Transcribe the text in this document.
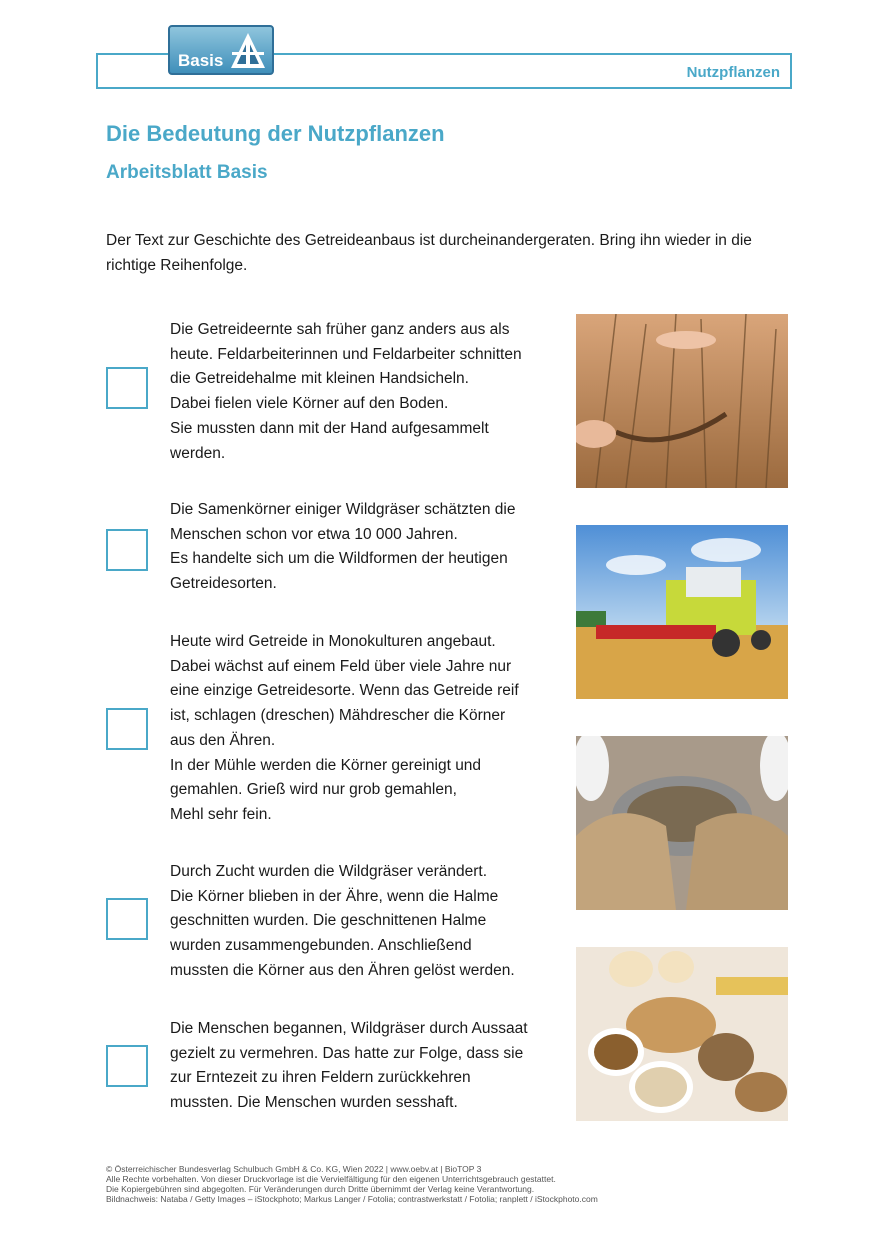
Nutzpflanzen
Basis
Die Bedeutung der Nutzpflanzen
Arbeitsblatt Basis

Der Text zur Geschichte des Getreideanbaus ist durcheinandergeraten. Bring ihn wieder in die richtige Reihenfolge.

Die Getreideernte sah früher ganz anders aus als
heute. Feldarbeiterinnen und Feldarbeiter schnitten
die Getreidehalme mit kleinen Handsicheln.
Dabei fielen viele Körner auf den Boden.
Sie mussten dann mit der Hand aufgesammelt
werden.

Die Samenkörner einiger Wildgräser schätzten die
Menschen schon vor etwa 10 000 Jahren.
Es handelte sich um die Wildformen der heutigen
Getreidesorten.

Heute wird Getreide in Monokulturen angebaut.
Dabei wächst auf einem Feld über viele Jahre nur
eine einzige Getreidesorte. Wenn das Getreide reif
ist, schlagen (dreschen) Mähdrescher die Körner
aus den Ähren.
In der Mühle werden die Körner gereinigt und
gemahlen. Grieß wird nur grob gemahlen,
Mehl sehr fein.

Durch Zucht wurden die Wildgräser verändert.
Die Körner blieben in der Ähre, wenn die Halme
geschnitten wurden. Die geschnittenen Halme
wurden zusammengebunden. Anschließend
mussten die Körner aus den Ähren gelöst werden.

Die Menschen begannen, Wildgräser durch Aussaat
gezielt zu vermehren. Das hatte zur Folge, dass sie
zur Erntezeit zu ihren Feldern zurückkehren
mussten. Die Menschen wurden sesshaft.

© Österreichischer Bundesverlag Schulbuch GmbH & Co. KG, Wien 2022 | www.oebv.at | BioTOP 3
Alle Rechte vorbehalten. Von dieser Druckvorlage ist die Vervielfältigung für den eigenen Unterrichtsgebrauch gestattet.
Die Kopiergebühren sind abgegolten. Für Veränderungen durch Dritte übernimmt der Verlag keine Verantwortung.
Bildnachweis: Nataba / Getty Images – iStockphoto; Markus Langer / Fotolia; contrastwerkstatt / Fotolia; ranplett / iStockphoto.com
